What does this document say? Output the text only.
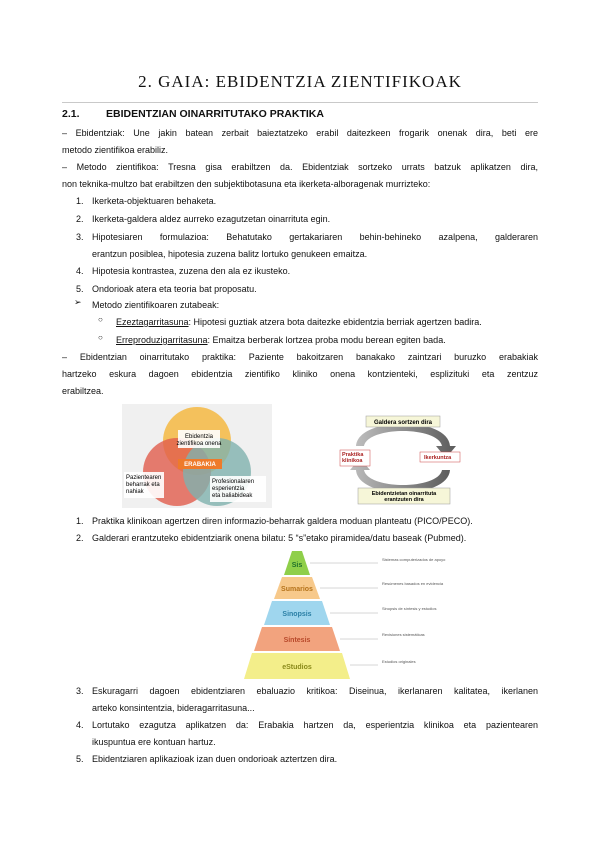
2. GAIA: EBIDENTZIA ZIENTIFIKOAK
2.1.	EBIDENTZIAN OINARRITUTAKO PRAKTIKA
– Ebidentziak: Une jakin batean zerbait baieztatzeko erabil daitezkeen frogarik onenak dira, beti ere
metodo zientifikoa erabiliz.
– Metodo zientifikoa: Tresna gisa erabiltzen da. Ebidentziak sortzeko urrats batzuk aplikatzen dira,
non teknika-multzo bat erabiltzen den subjektibotasuna eta ikerketa-alboragenak murrizteko:
1. Ikerketa-objektuaren behaketa.
2. Ikerketa-galdera aldez aurreko ezagutzetan oinarrituta egin.
3. Hipotesiaren formulazioa: Behatutako gertakariaren behin-behineko azalpena, galderaren
erantzun posiblea, hipotesia zuzena balitz lortuko genukeen emaitza.
4. Hipotesia kontrastea, zuzena den ala ez ikusteko.
5. Ondorioak atera eta teoria bat proposatu.
➢ Metodo zientifikoaren zutabeak:
○ Ezeztagarritasuna: Hipotesi guztiak atzera bota daitezke ebidentzia berriak agertzen badira.
○ Erreproduzigarritasuna: Emaitza berberak lortzea proba modu berean egiten bada.
– Ebidentzian oinarritutako praktika: Paziente bakoitzaren banakako zaintzari buruzko erabakiak
hartzeko eskura dagoen ebidentzia zientifiko kliniko onena kontzienteki, esplizituki eta zentzuz
erabiltzea.
Ebidentzia zientifikoa onena
ERABAKIA
Pazientearen beharrak eta nahiak
Profesionalaren esperientzia eta baliabideak
Galdera sortzen dira
Praktika klinikoa	Ikerkuntza
Ebidentzietan oinarrituta erantzuten dira
1. Praktika klinikoan agertzen diren informazio-beharrak galdera moduan planteatu (PICO/PECO).
2. Galderari erantzuteko ebidentziarik onena bilatu: 5 “s”etako piramidea/datu baseak (Pubmed).
Sis
Sumarios
Sinopsis
Síntesis
eStudios
Sistemas computerizados de apoyo
Resúmenes basados en evidencia
Sinopsis de síntesis y estudios
Revisiones sistemáticas
Estudios originales
3. Eskuragarri dagoen ebidentziaren ebaluazio kritikoa: Diseinua, ikerlanaren kalitatea, ikerlanen
arteko konsintentzia, bideragarritasuna...
4. Lortutako ezagutza aplikatzen da: Erabakia hartzen da, esperientzia klinikoa eta pazientearen
ikuspuntua ere kontuan hartuz.
5. Ebidentziaren aplikazioak izan duen ondorioak aztertzen dira.
